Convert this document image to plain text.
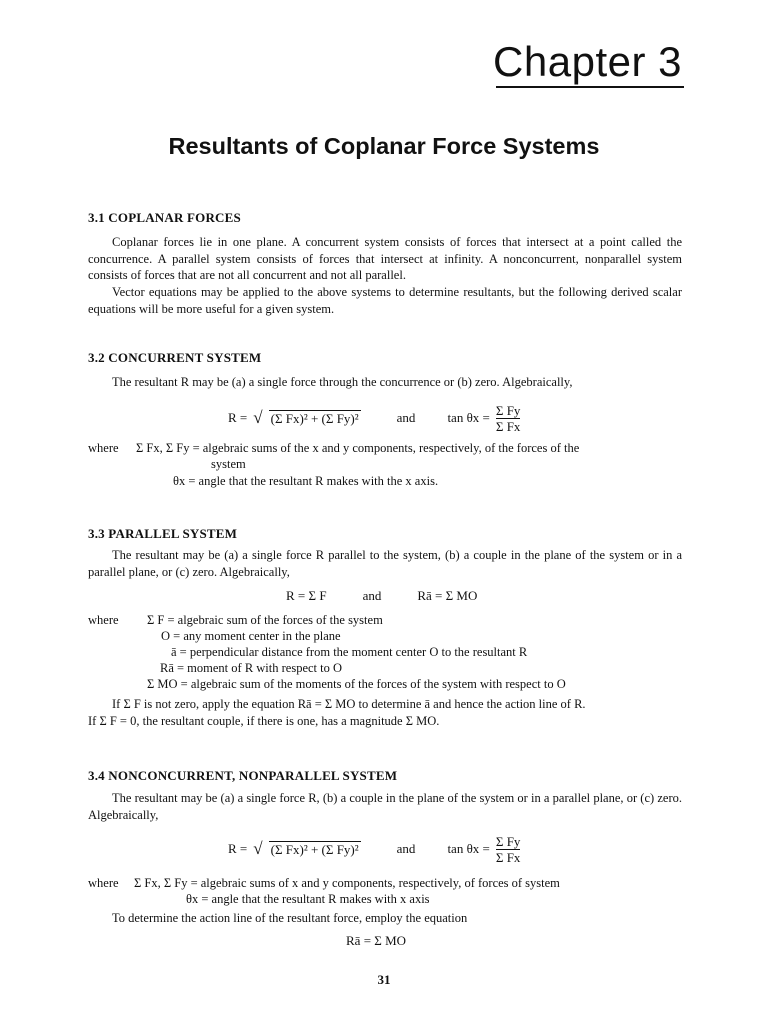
Chapter 3
Resultants of Coplanar Force Systems
3.1 COPLANAR FORCES
Coplanar forces lie in one plane. A concurrent system consists of forces that intersect at a point called the concurrence. A parallel system consists of forces that intersect at infinity. A nonconcurrent, nonparallel system consists of forces that are not all concurrent and not all parallel.
Vector equations may be applied to the above systems to determine resultants, but the following derived scalar equations will be more useful for a given system.
3.2 CONCURRENT SYSTEM
The resultant R may be (a) a single force through the concurrence or (b) zero. Algebraically,
R = √ (Σ Fx)² + (Σ Fy)²	and $\tan \theta x = \frac{\text{Σ Fy}}{\text{Σ Fx}}$
where Σ Fx, Σ Fy = algebraic sums of the x and y components, respectively, of the forces of the
system
θx = angle that the resultant R makes with the x axis.
3.3 PARALLEL SYSTEM
The resultant may be (a) a single force R parallel to the system, (b) a couple in the plane of the system or in a parallel plane, or (c) zero. Algebraically,
R = Σ F	and	Rā = Σ MO
where Σ F = algebraic sum of the forces of the system
O = any moment center in the plane
ā = perpendicular distance from the moment center O to the resultant R
Rā = moment of R with respect to O
Σ MO = algebraic sum of the moments of the forces of the system with respect to O
If Σ F is not zero, apply the equation Rā = Σ MO to determine ā and hence the action line of R.
If Σ F = 0, the resultant couple, if there is one, has a magnitude Σ MO.
3.4 NONCONCURRENT, NONPARALLEL SYSTEM
The resultant may be (a) a single force R, (b) a couple in the plane of the system or in a parallel plane, or (c) zero. Algebraically,
R = √ (Σ Fx)² + (Σ Fy)²	and $\tan \theta x = \frac{\text{Σ Fy}}{\text{Σ Fx}}$
where Σ Fx, Σ Fy = algebraic sums of x and y components, respectively, of forces of system
θx = angle that the resultant R makes with x axis
To determine the action line of the resultant force, employ the equation
Rā = Σ MO
31
